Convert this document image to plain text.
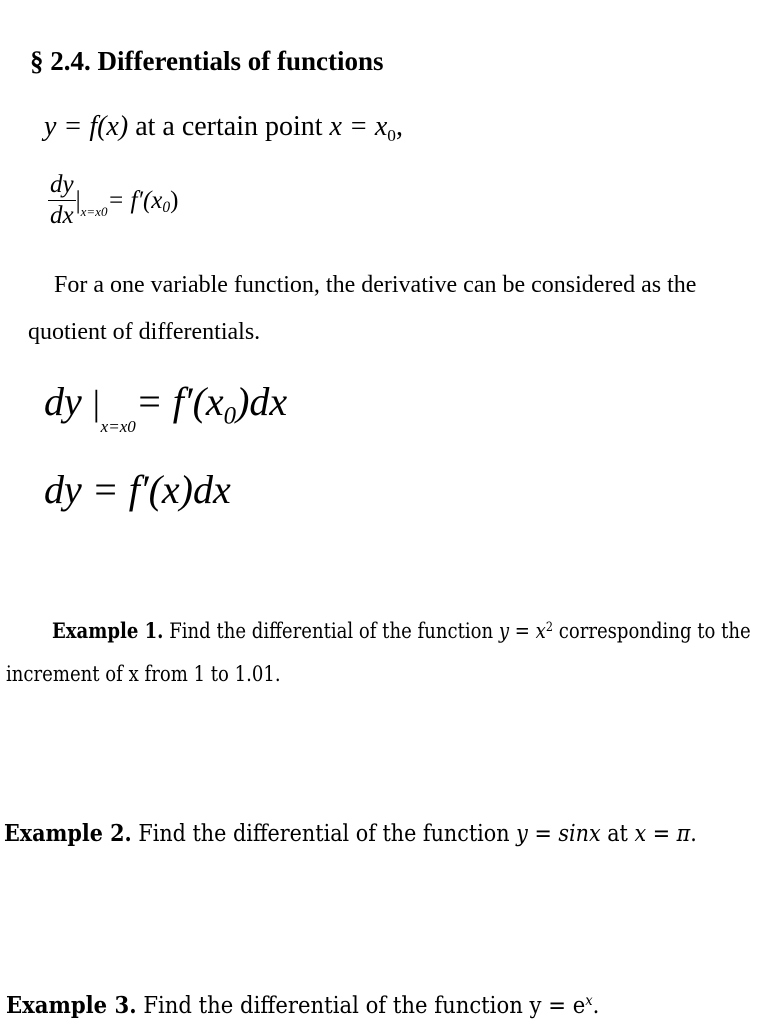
§ 2.4. Differentials of functions
y = f(x) at a certain point $x = x_0$,
$\frac{dy}{dx} |_{x=x0}= f'(x_0)$
For a one variable function, the derivative can be considered as the
quotient of differentials.
dy $|_{x=x0}= f'(x_0)dx$
dy = f′(x)dx
Example 1. Find the differential of the function $y = x^2$ corresponding to the
increment of x from 1 to 1.01.
Example 2. Find the differential of the function y = sinx at x = π.
Example 3. Find the differential of the function $y = e^x$.
